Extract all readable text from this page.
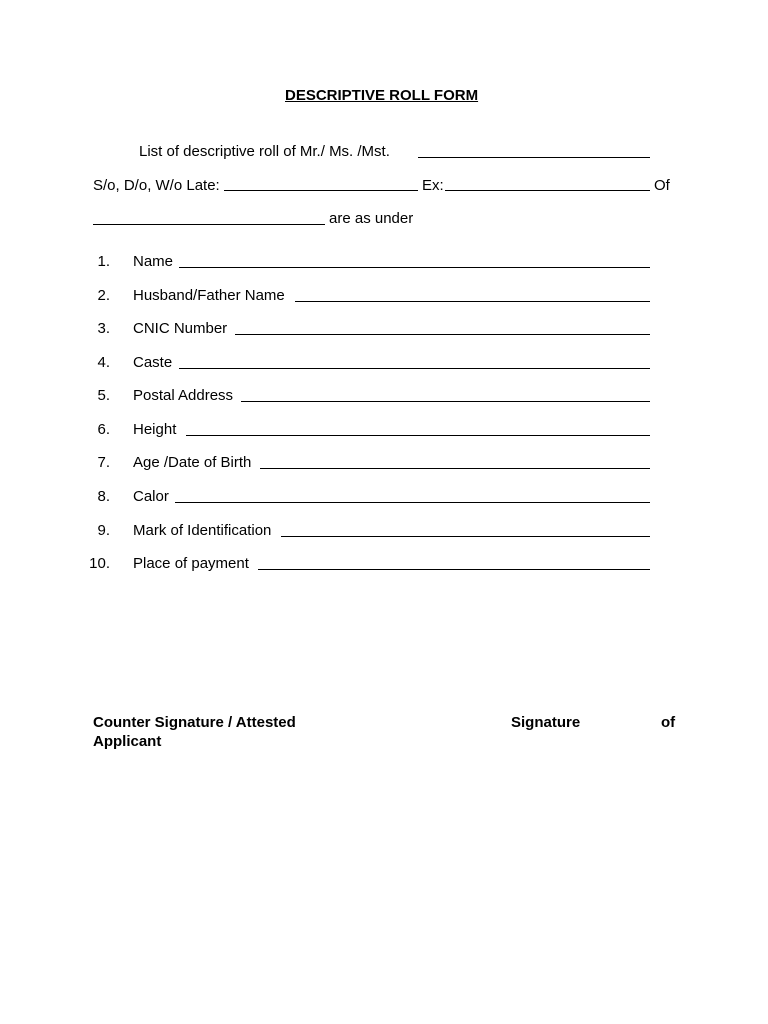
DESCRIPTIVE ROLL FORM
List of descriptive roll of Mr./ Ms. /Mst.
S/o, D/o, W/o Late:	Ex:	Of
are as under
1. Name
2. Husband/Father Name
3. CNIC Number
4. Caste
5. Postal Address
6. Height
7. Age /Date of Birth
8. Calor
9. Mark of Identification
10. Place of payment
Counter Signature / Attested	Signature	of
Applicant
